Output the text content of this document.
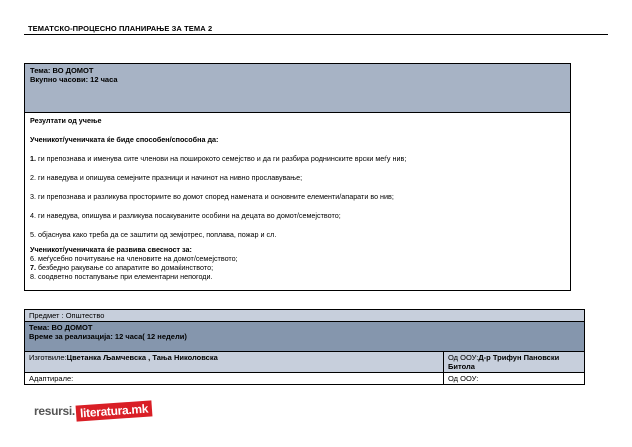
ТЕМАТСКО-ПРОЦЕСНО ПЛАНИРАЊЕ ЗА ТЕМА 2
Тема: ВО ДОМОТ
Вкупно часови: 12 часа
Резултати од учење
Ученикот/ученичката ќе биде способен/способна да:
1. ги препознава и именува сите членови на поширокото семејство и да ги разбира роднинските врски меѓу нив;
2. ги наведува и опишува семејните празници и начинот на нивно прославување;
3. ги препознава и разликува просториите во домот според намената и основните елементи/апарати во нив;
4. ги наведува, опишува и разликува посакуваните особини на децата во домот/семејството;
5. објаснува како треба да се заштити од земјотрес, поплава, пожар и сл.
Ученикот/ученичката ќе развива свесност за:
6. меѓусебно почитување на членовите на домот/семејството;
7. безбедно ракување со апаратите во домаќинството;
8. соодветно постапување при елементарни непогоди.
Предмет : Општество	

Тема: ВО ДОМОТ
Време за реализација: 12 часа( 12 недели)	

Изготвиле:Цветанка Љамчевска , Тања Николовска	Од ООУ:Д-р Трифун Пановски Битола
Адаптирале:	Од ООУ:
resursi. literatura.mk
